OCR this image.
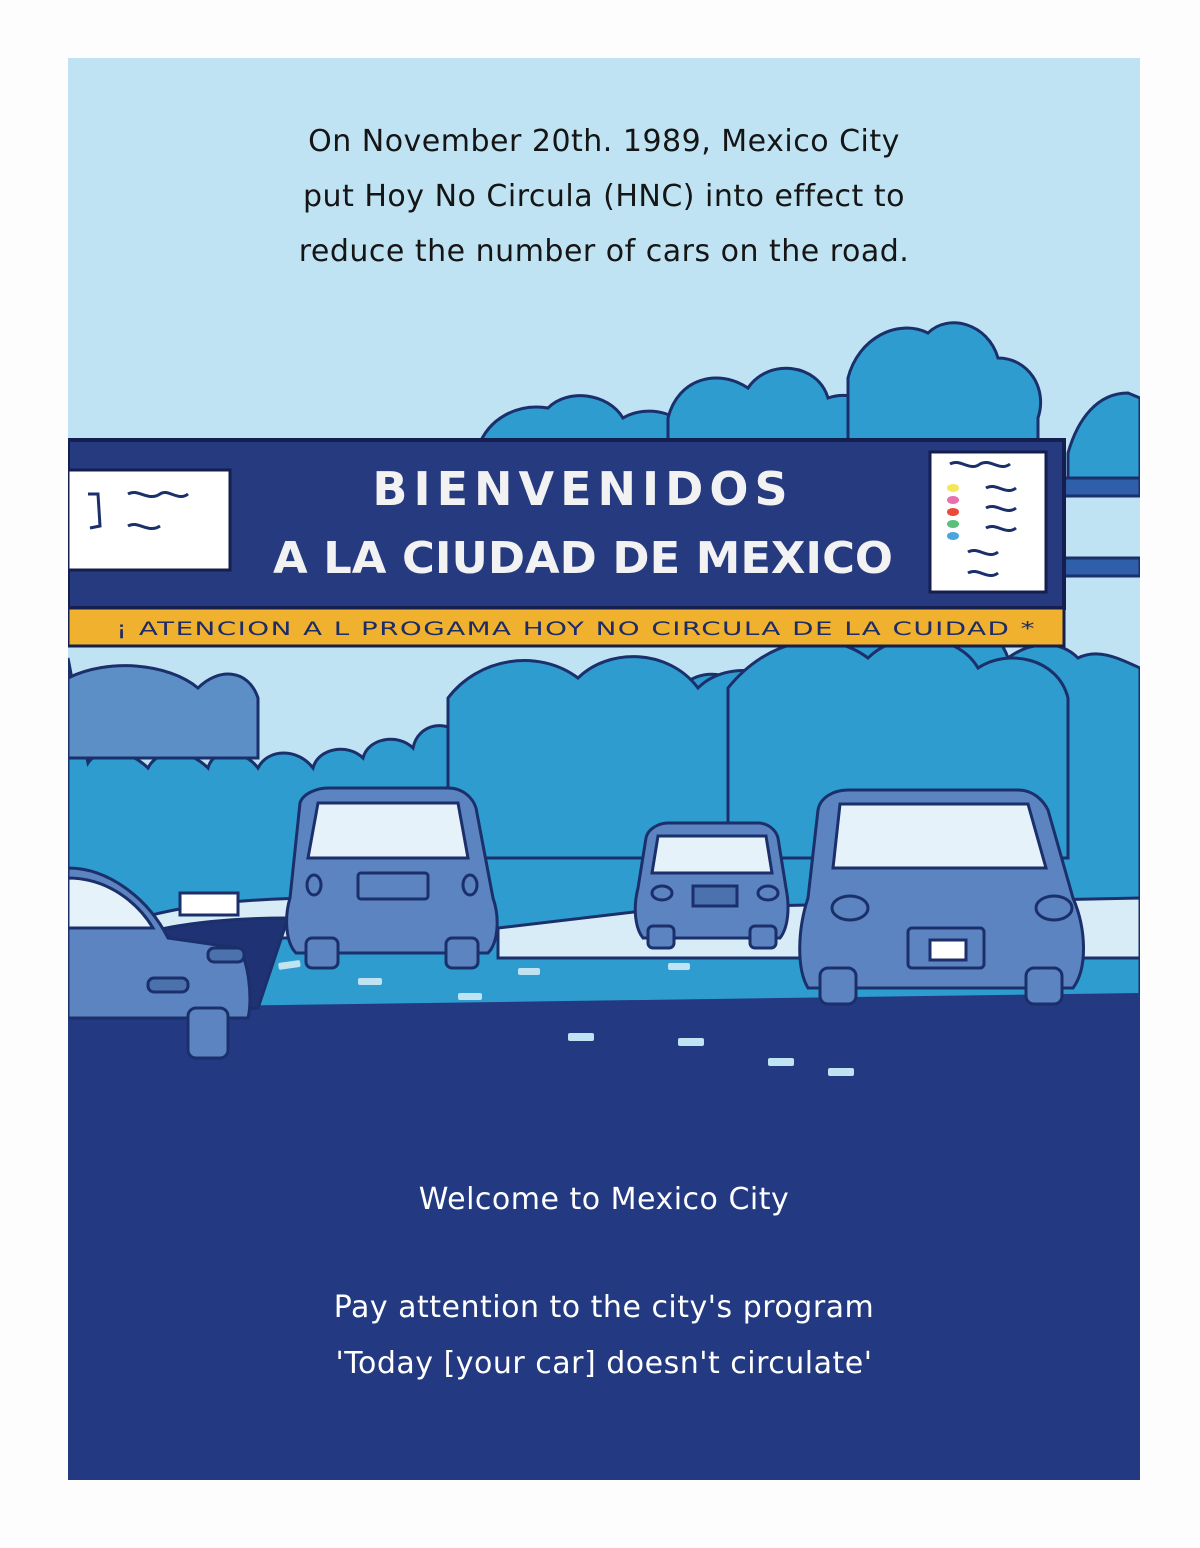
BIENVENIDOS
A LA CIUDAD DE MEXICO
¡ ATENCION A L PROGAMA HOY NO CIRCULA DE LA CUIDAD *
On November 20th. 1989, Mexico City
put Hoy No Circula (HNC) into effect to
reduce the number of cars on the road.
Welcome to Mexico City
Pay attention to the city's program
'Today [your car] doesn't circulate'
